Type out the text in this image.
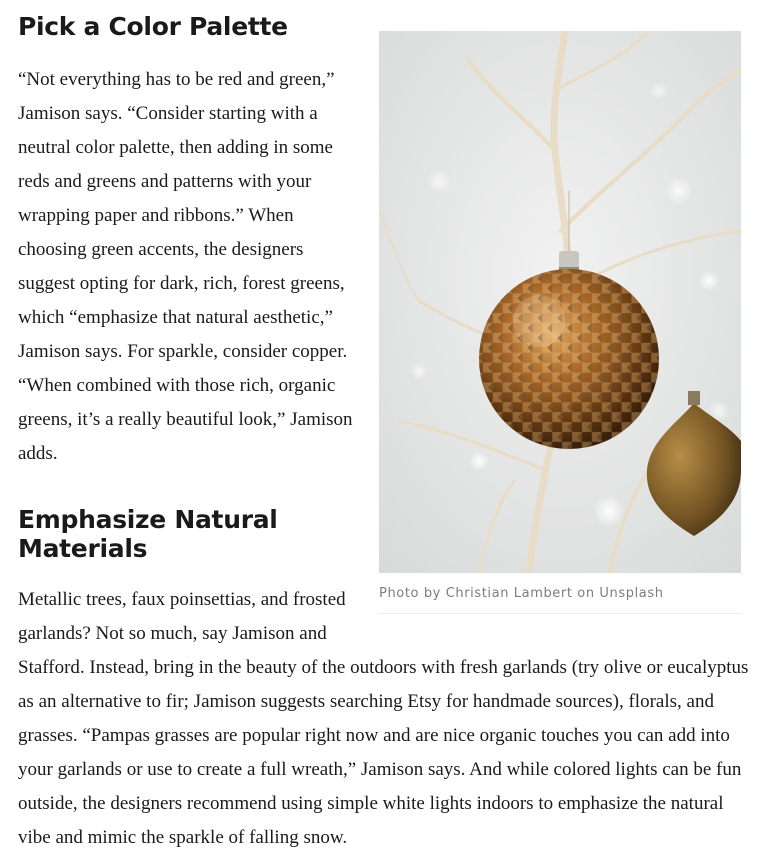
Photo by Christian Lambert on Unsplash
Pick a Color Palette

“Not everything has to be red and green,” Jamison says. “Consider starting with a neutral color palette, then adding in some reds and greens and patterns with your wrapping paper and ribbons.” When choosing green accents, the designers suggest opting for dark, rich, forest greens, which “emphasize that natural aesthetic,” Jamison says. For sparkle, consider copper. “When combined with those rich, organic greens, it’s a really beautiful look,” Jamison adds.

Emphasize Natural Materials

Metallic trees, faux poinsettias, and frosted garlands? Not so much, say Jamison and Stafford. Instead, bring in the beauty of the outdoors with fresh garlands (try olive or eucalyptus as an alternative to fir; Jamison suggests searching Etsy for handmade sources), florals, and grasses. “Pampas grasses are popular right now and are nice organic touches you can add into your garlands or use to create a full wreath,” Jamison says. And while colored lights can be fun outside, the designers recommend using simple white lights indoors to emphasize the natural vibe and mimic the sparkle of falling snow.
